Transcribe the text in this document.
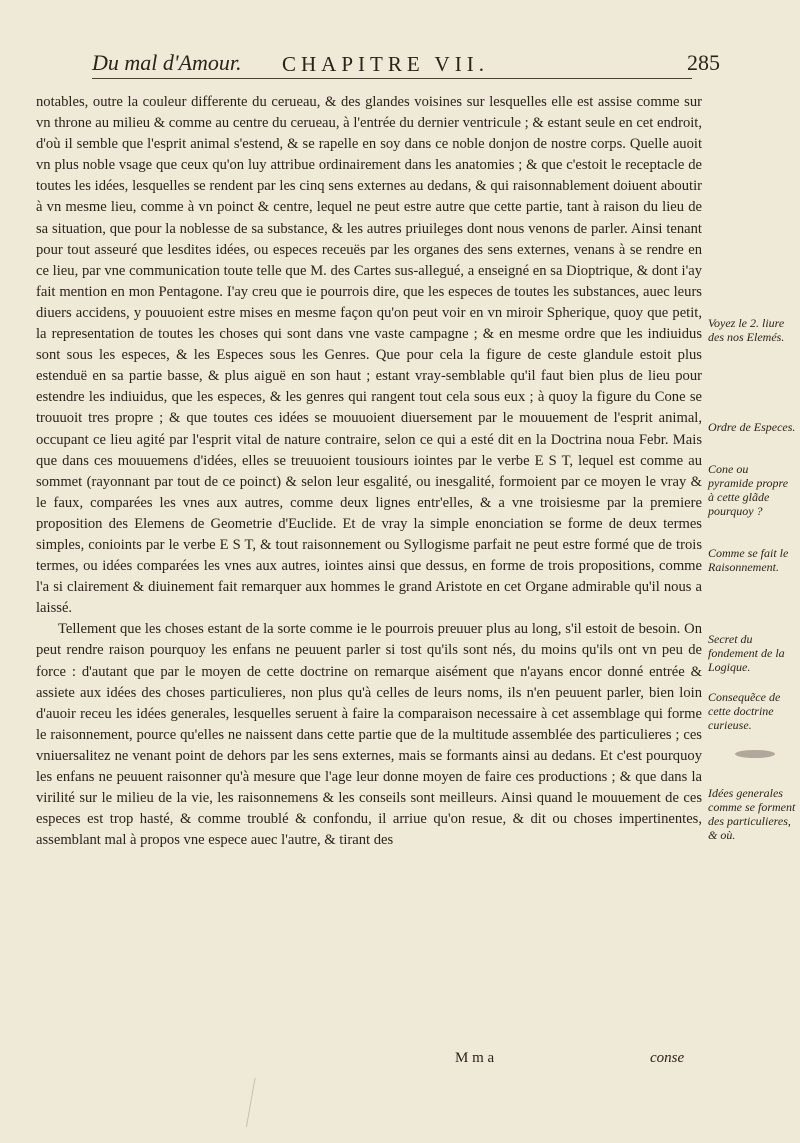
Du mal d'Amour. CHAPITRE VII.	285

notables, outre la couleur differente du cerueau, & des glandes voisines sur lesquelles elle est assise comme sur vn throne au milieu & comme au centre du cerueau, à l'entrée du dernier ventricule ; & estant seule en cet endroit, d'où il semble que l'esprit animal s'estend, & se rapelle en soy dans ce noble donjon de nostre corps. Quelle auoit vn plus noble vsage que ceux qu'on luy attribue ordinairement dans les anatomies ; & que c'estoit le receptacle de toutes les idées, lesquelles se rendent par les cinq sens externes au dedans, & qui raisonnablement doiuent aboutir à vn mesme lieu, comme à vn poinct & centre, lequel ne peut estre autre que cette partie, tant à raison du lieu de sa situation, que pour la noblesse de sa substance, & les autres priuileges dont nous venons de parler. Ainsi tenant pour tout asseuré que lesdites idées, ou especes receuës par les organes des sens externes, venans à se rendre en ce lieu, par vne communication toute telle que M. des Cartes sus-allegué, a enseigné en sa Dioptrique, & dont i'ay fait mention en mon Pentagone. I'ay creu que ie pourrois dire, que les especes de toutes les substances, auec leurs diuers accidens, y pouuoient estre mises en mesme façon qu'on peut voir en vn miroir Spherique, quoy que petit, la representation de toutes les choses qui sont dans vne vaste campagne ; & en mesme ordre que les indiuidus sont sous les especes, & les Especes sous les Genres. Que pour cela la figure de ceste glandule estoit plus estenduë en sa partie basse, & plus aiguë en son haut ; estant vray-semblable qu'il faut bien plus de lieu pour estendre les indiuidus, que les especes, & les genres qui rangent tout cela sous eux ; à quoy la figure du Cone se trouuoit tres propre ; & que toutes ces idées se mouuoient diuersement par le mouuement de l'esprit animal, occupant ce lieu agité par l'esprit vital de nature contraire, selon ce qui a esté dit en la Doctrina noua Febr. Mais que dans ces mouuemens d'idées, elles se treuuoient tousiours iointes par le verbe E S T, lequel est comme au sommet (rayonnant par tout de ce poinct) & selon leur esgalité, ou inesgalité, formoient par ce moyen le vray & le faux, comparées les vnes aux autres, comme deux lignes entr'elles, & a vne troisiesme par la premiere proposition des Elemens de Geometrie d'Euclide. Et de vray la simple enonciation se forme de deux termes simples, conioints par le verbe E S T, & tout raisonnement ou Syllogisme parfait ne peut estre formé que de trois termes, ou idées comparées les vnes aux autres, iointes ainsi que dessus, en forme de trois propositions, comme l'a si clairement & diuinement fait remarquer aux hommes le grand Aristote en cet Organe admirable qu'il nous a laissé.

Tellement que les choses estant de la sorte comme ie le pourrois preuuer plus au long, s'il estoit de besoin. On peut rendre raison pourquoy les enfans ne peuuent parler si tost qu'ils sont nés, du moins qu'ils ont vn peu de force : d'autant que par le moyen de cette doctrine on remarque aisément que n'ayans encor donné entrée & assiete aux idées des choses particulieres, non plus qu'à celles de leurs noms, ils n'en peuuent parler, bien loin d'auoir receu les idées generales, lesquelles seruent à faire la comparaison necessaire à cet assemblage qui forme le raisonnement, pource qu'elles ne naissent dans cette partie que de la multitude assemblée des particulieres ; ces vniuersalitez ne venant point de dehors par les sens externes, mais se formants ainsi au dedans. Et c'est pourquoy les enfans ne peuuent raisonner qu'à mesure que l'age leur donne moyen de faire ces productions ; & que dans la virilité sur le milieu de la vie, les raisonnemens & les conseils sont meilleurs. Ainsi quand le mouuement de ces especes est trop hasté, & comme troublé & confondu, il arriue qu'on resue, & dit ou choses impertinentes, assemblant mal à propos vne espece auec l'autre, & tirant des

Voyez le 2. liure des nos Elemés.
Ordre de Especes.
Cone ou pyramide propre à cette glãde pourquoy ?
Comme se fait le Raisonnement.
Secret du fondement de la Logique.
Consequẽce de cette doctrine curieuse.
Idées generales comme se forment des particulieres, & où.
M m a	conse
